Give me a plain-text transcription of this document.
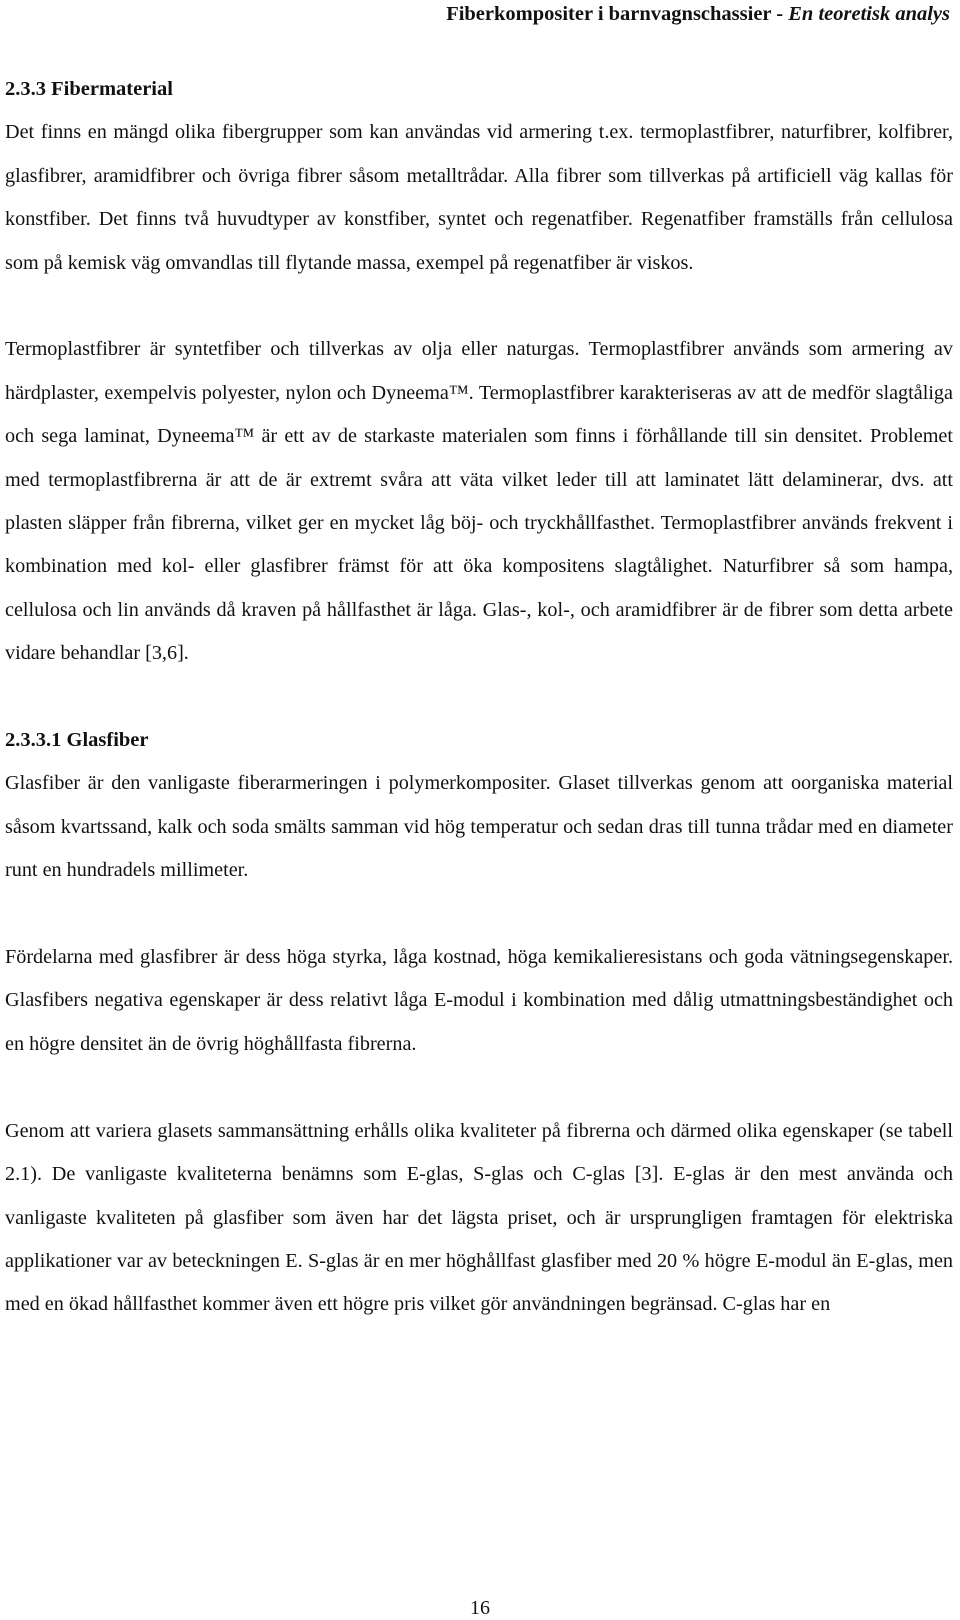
Fiberkompositer i barnvagnschassier - En teoretisk analys
2.3.3 Fibermaterial

Det finns en mängd olika fibergrupper som kan användas vid armering t.ex. termoplastfibrer, naturfibrer, kolfibrer, glasfibrer, aramidfibrer och övriga fibrer såsom metalltrådar. Alla fibrer som tillverkas på artificiell väg kallas för konstfiber. Det finns två huvudtyper av konstfiber, syntet och regenatfiber. Regenatfiber framställs från cellulosa som på kemisk väg omvandlas till flytande massa, exempel på regenatfiber är viskos.

Termoplastfibrer är syntetfiber och tillverkas av olja eller naturgas. Termoplastfibrer används som armering av härdplaster, exempelvis polyester, nylon och Dyneema™. Termoplastfibrer karakteriseras av att de medför slagtåliga och sega laminat, Dyneema™ är ett av de starkaste materialen som finns i förhållande till sin densitet. Problemet med termoplastfibrerna är att de är extremt svåra att väta vilket leder till att laminatet lätt delaminerar, dvs. att plasten släpper från fibrerna, vilket ger en mycket låg böj- och tryckhållfasthet. Termoplastfibrer används frekvent i kombination med kol- eller glasfibrer främst för att öka kompositens slagtålighet. Naturfibrer så som hampa, cellulosa och lin används då kraven på hållfasthet är låga. Glas-, kol-, och aramidfibrer är de fibrer som detta arbete vidare behandlar [3,6].

2.3.3.1 Glasfiber

Glasfiber är den vanligaste fiberarmeringen i polymerkompositer. Glaset tillverkas genom att oorganiska material såsom kvartssand, kalk och soda smälts samman vid hög temperatur och sedan dras till tunna trådar med en diameter runt en hundradels millimeter.

Fördelarna med glasfibrer är dess höga styrka, låga kostnad, höga kemikalieresistans och goda vätningsegenskaper. Glasfibers negativa egenskaper är dess relativt låga E-modul i kombination med dålig utmattningsbeständighet och en högre densitet än de övrig höghållfasta fibrerna.

Genom att variera glasets sammansättning erhålls olika kvaliteter på fibrerna och därmed olika egenskaper (se tabell 2.1). De vanligaste kvaliteterna benämns som E-glas, S-glas och C-glas [3]. E-glas är den mest använda och vanligaste kvaliteten på glasfiber som även har det lägsta priset, och är ursprungligen framtagen för elektriska applikationer var av beteckningen E. S-glas är en mer höghållfast glasfiber med 20 % högre E-modul än E-glas, men med en ökad hållfasthet kommer även ett högre pris vilket gör användningen begränsad. C-glas har en

16
